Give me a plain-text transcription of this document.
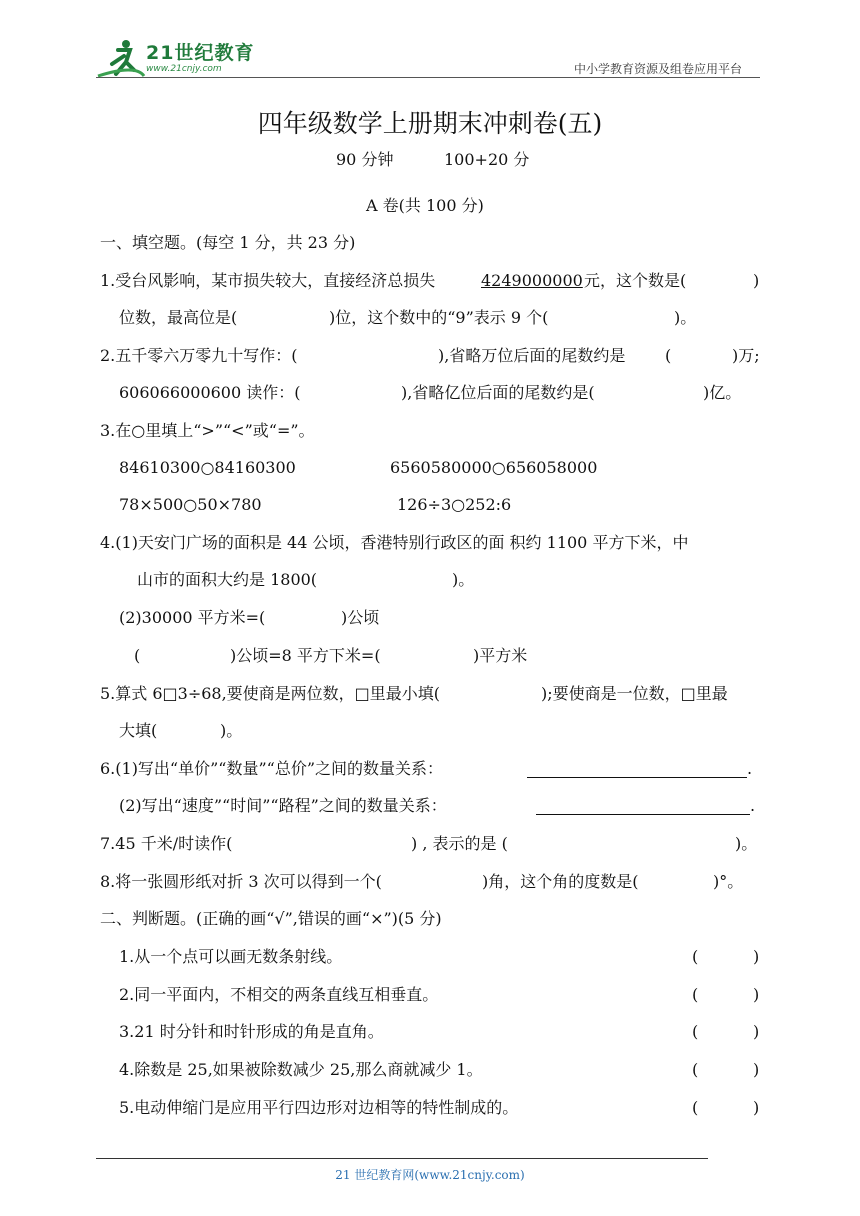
21世纪教育
www.21cnjy.com	中小学教育资源及组卷应用平台
四年级数学上册期末冲刺卷(五)
90 分钟	100+20 分
A 卷(共 100 分)
一、填空题。(每空 1 分，共 23 分)
1.受台风影响，某市损失较大，直接经济总损失	4249000000 元，这个数是(	)
位数，最高位是(	)位，这个数中的“9”表示 9 个(	)。
2.五千零六万零九十写作：(	),省略万位后面的尾数约是 (	)万;
606066000600 读作：(	),省略亿位后面的尾数约是(	)亿。
3.在○里填上“>”“<”或“=”。
84610300○84160300	6560580000○656058000
78×500○50×780	126÷3○252:6
4.(1)天安门广场的面积是 44 公顷，香港特别行政区的面 积约 1100 平方下米，中
山市的面积大约是 1800(	)。
(2)30000 平方米=(	)公顷
(	)公顷=8 平方下米=(	)平方米
5.算式 6□3÷68,要使商是两位数，□里最小填(	);要使商是一位数，□里最
大填(	)。
6.(1)写出“单价”“数量”“总价”之间的数量关系：	.
(2)写出“速度”“时间”“路程”之间的数量关系：	.
7.45 千米/时读作(	) , 表示的是 (	)。
8.将一张圆形纸对折 3 次可以得到一个(	)角，这个角的度数是(	)°。
二、判断题。(正确的画“√”,错误的画“×”)(5 分)
1.从一个点可以画无数条射线。	(	)
2.同一平面内，不相交的两条直线互相垂直。	(	)
3.21 时分针和时针形成的角是直角。	(	)
4.除数是 25,如果被除数减少 25,那么商就减少 1。	(	)
5.电动伸缩门是应用平行四边形对边相等的特性制成的。	(	)
21 世纪教育网(www.21cnjy.com)
